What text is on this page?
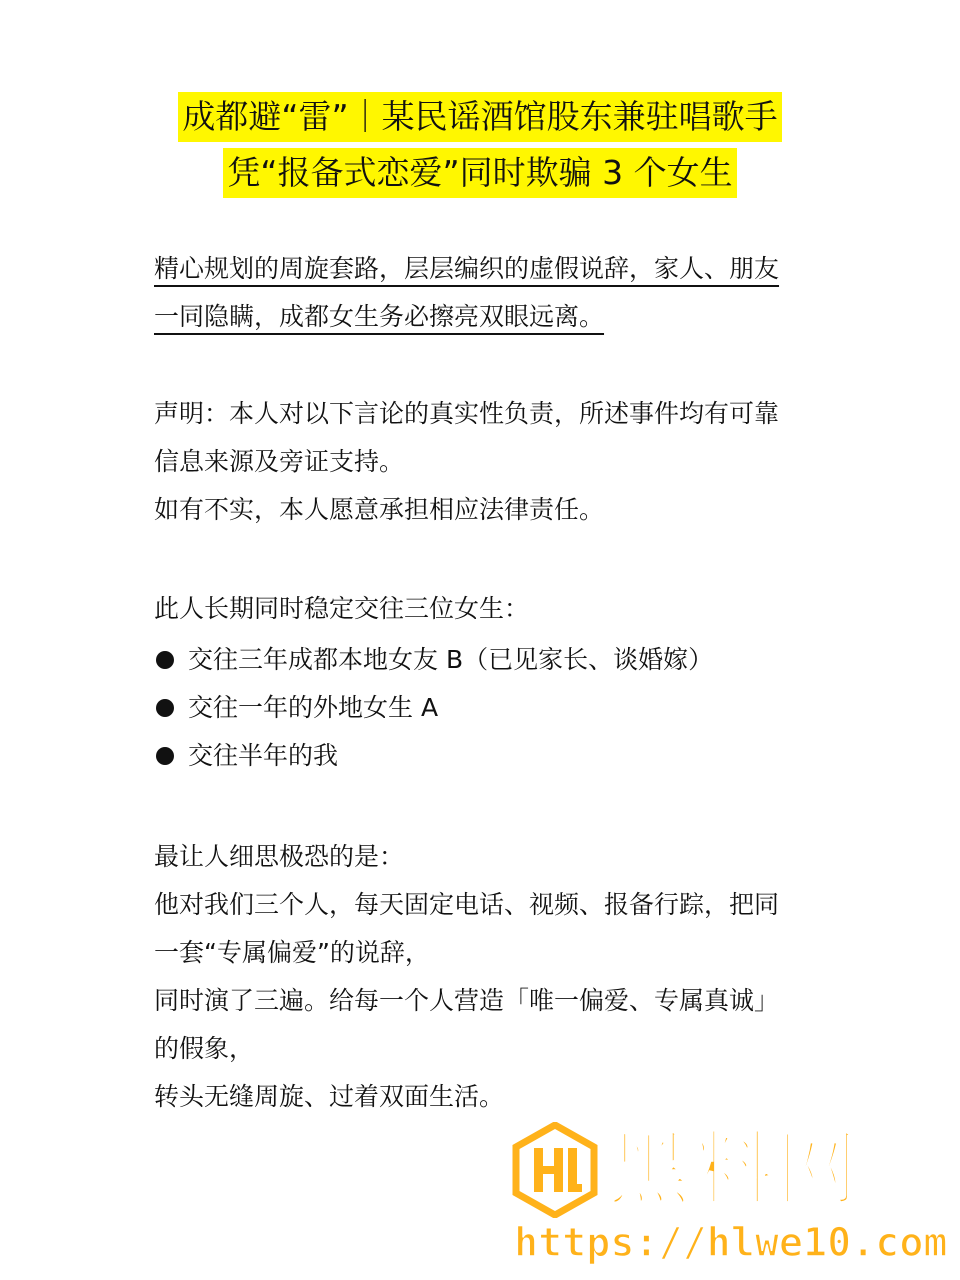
成都避“雷”｜某民谣酒馆股东兼驻唱歌手
凭“报备式恋爱”同时欺骗 3 个女生

精心规划的周旋套路，层层编织的虚假说辞，家人、朋友
一同隐瞒，成都女生务必擦亮双眼远离。

声明：本人对以下言论的真实性负责，所述事件均有可靠
信息来源及旁证支持。
如有不实，本人愿意承担相应法律责任。

此人长期同时稳定交往三位女生：

交往三年成都本地女友 B（已见家长、谈婚嫁）
交往一年的外地女生 A
交往半年的我

最让人细思极恐的是：
他对我们三个人，每天固定电话、视频、报备行踪，把同
一套“专属偏爱”的说辞，
同时演了三遍。给每一个人营造「唯一偏爱、专属真诚」
的假象，
转头无缝周旋、过着双面生活。

黑料网
https://hlwe10.com
